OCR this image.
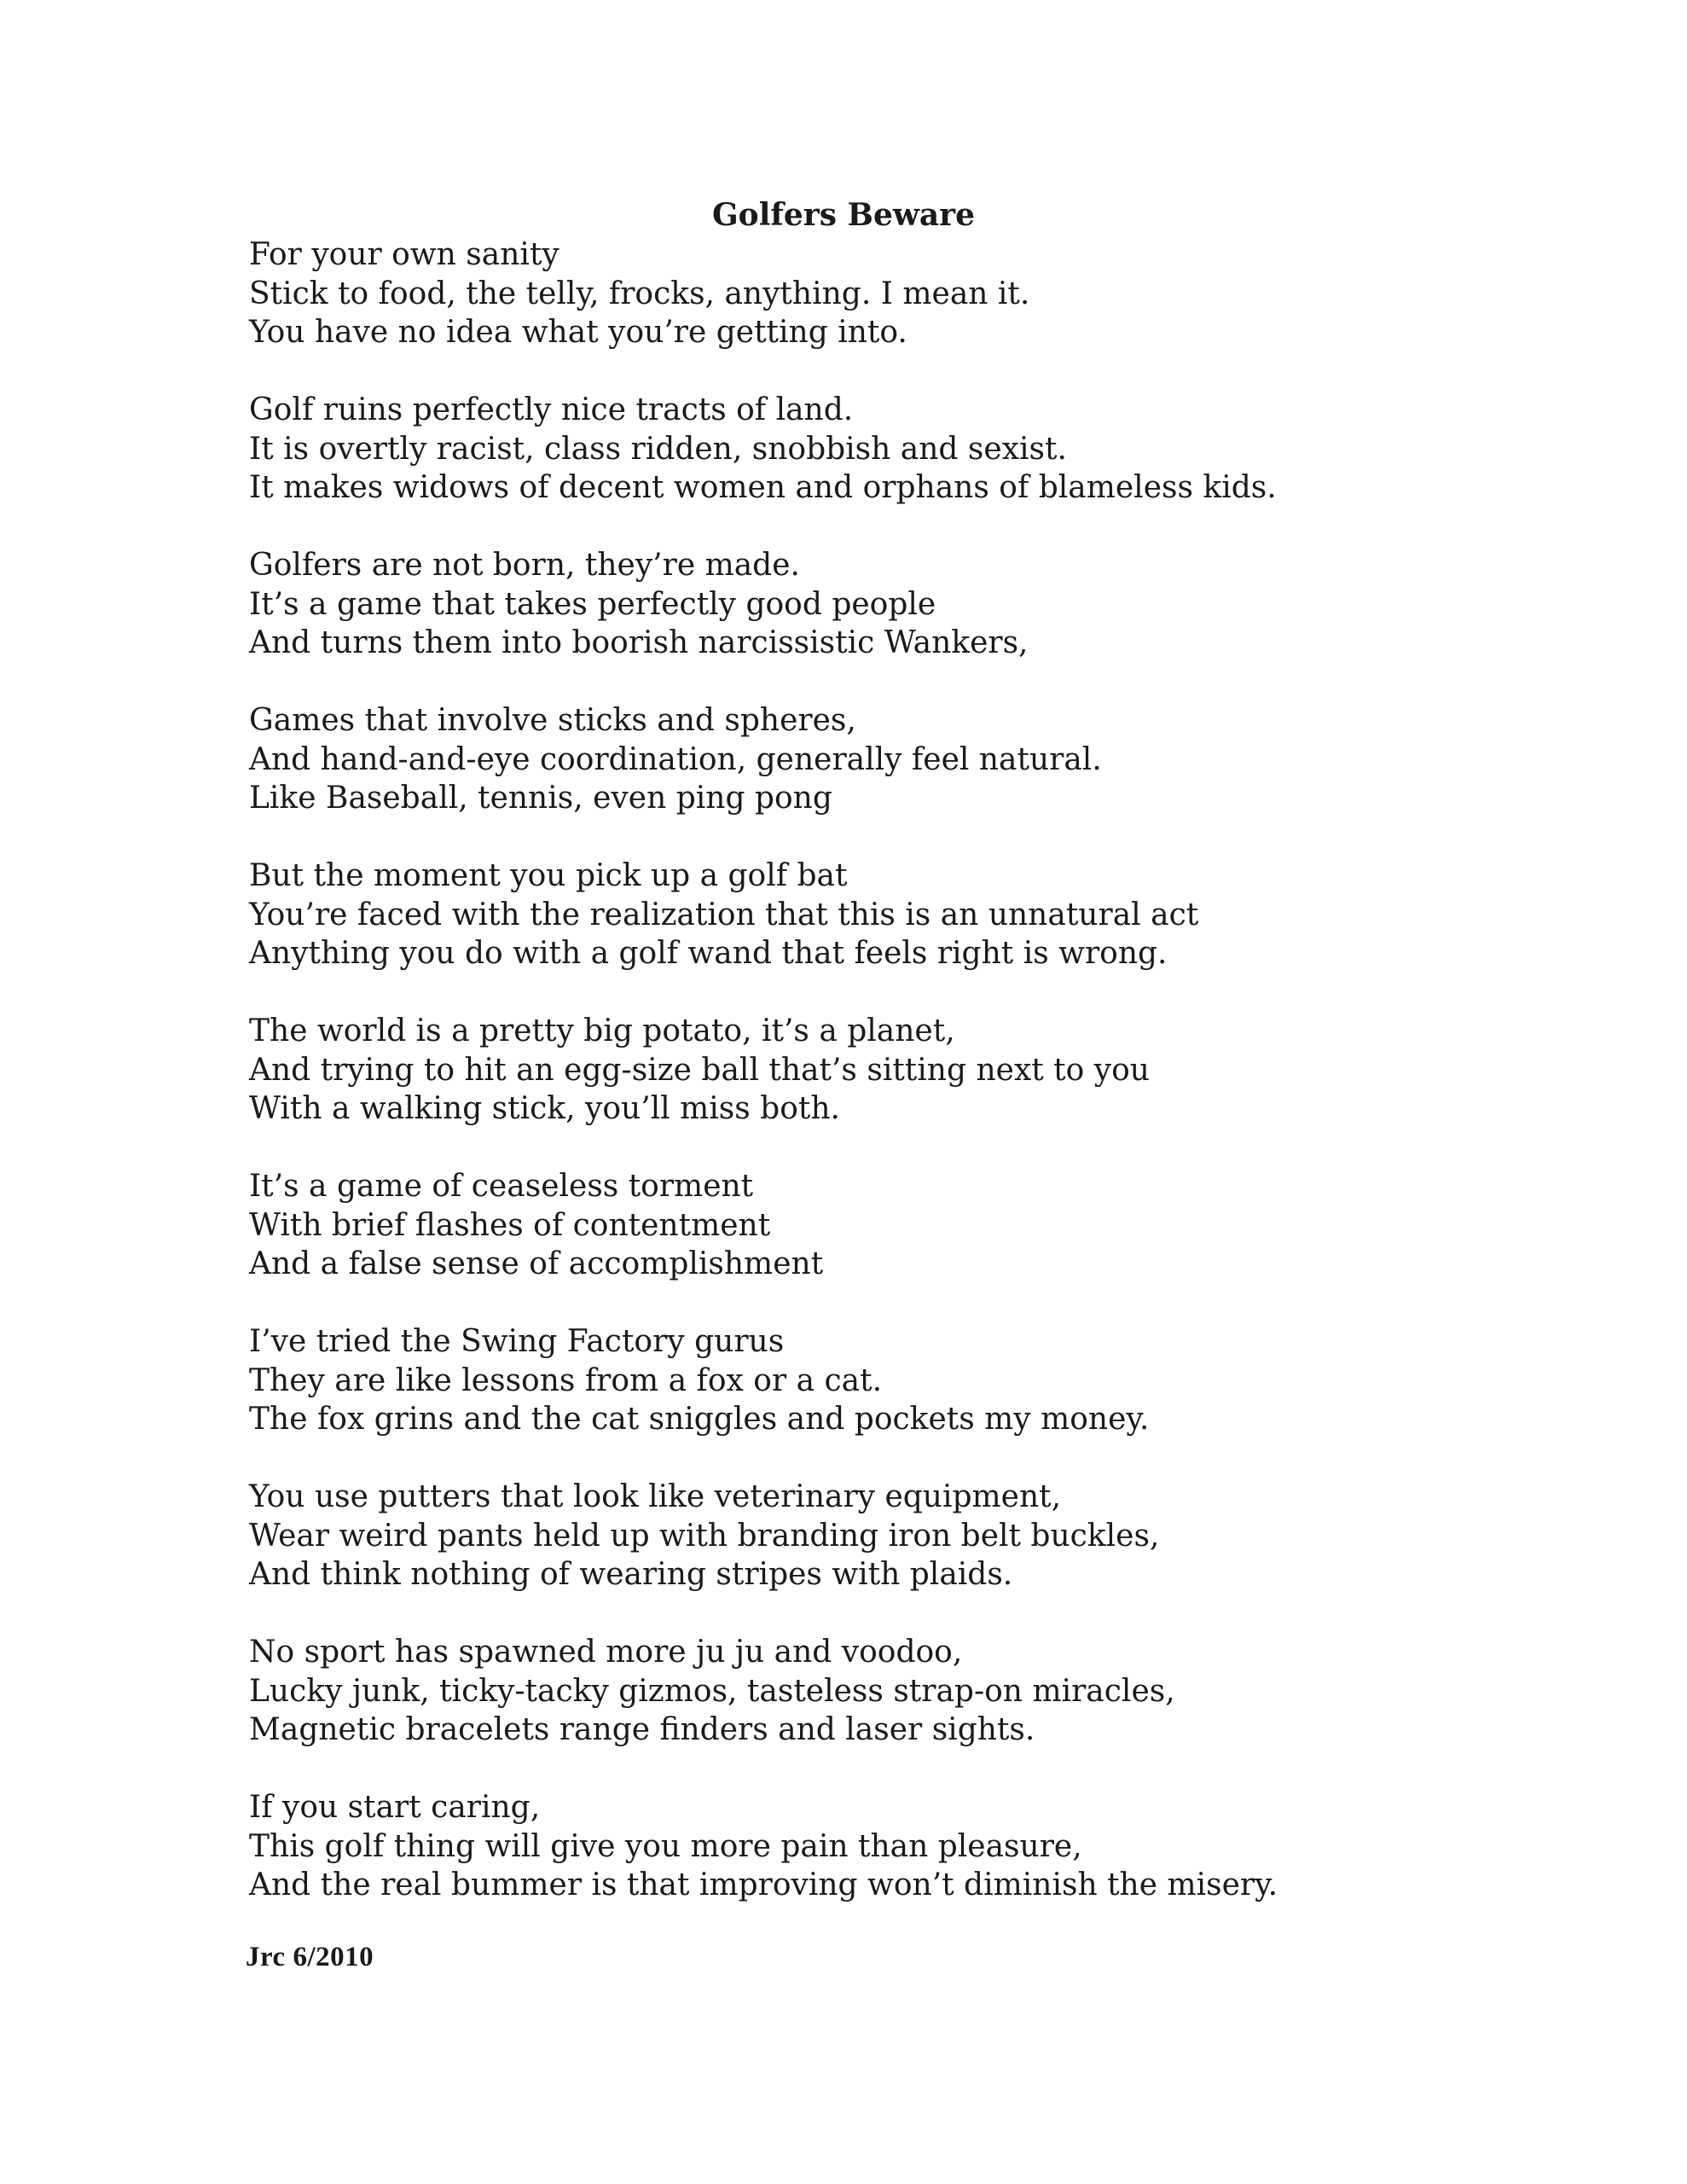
Golfers Beware
For your own sanity
Stick to food, the telly, frocks, anything. I mean it.
You have no idea what you’re getting into.
Golf ruins perfectly nice tracts of land.
It is overtly racist, class ridden, snobbish and sexist.
It makes widows of decent women and orphans of blameless kids.
Golfers are not born, they’re made.
It’s a game that takes perfectly good people
And turns them into boorish narcissistic Wankers,
Games that involve sticks and spheres,
And hand-and-eye coordination, generally feel natural.
Like Baseball, tennis, even ping pong
But the moment you pick up a golf bat
You’re faced with the realization that this is an unnatural act
Anything you do with a golf wand that feels right is wrong.
The world is a pretty big potato, it’s a planet,
And trying to hit an egg-size ball that’s sitting next to you
With a walking stick, you’ll miss both.
It’s a game of ceaseless torment
With brief flashes of contentment
And a false sense of accomplishment
I’ve tried the Swing Factory gurus
They are like lessons from a fox or a cat.
The fox grins and the cat sniggles and pockets my money.
You use putters that look like veterinary equipment,
Wear weird pants held up with branding iron belt buckles,
And think nothing of wearing stripes with plaids.
No sport has spawned more ju ju and voodoo,
Lucky junk, ticky-tacky gizmos, tasteless strap-on miracles,
Magnetic bracelets range finders and laser sights.
If you start caring,
This golf thing will give you more pain than pleasure,
And the real bummer is that improving won’t diminish the misery.
Jrc 6/2010
